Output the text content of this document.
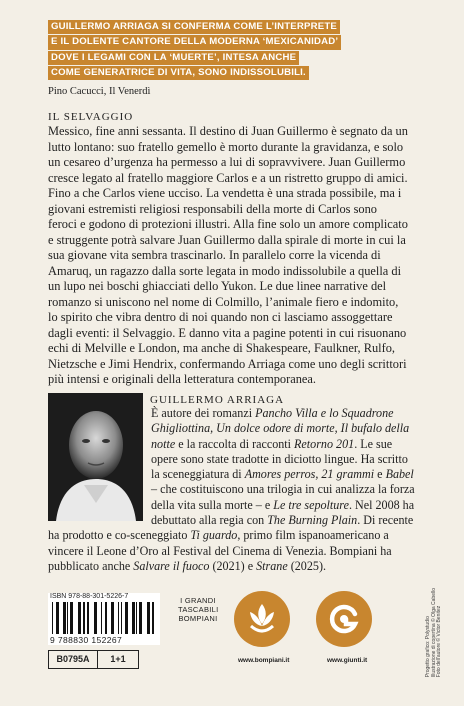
GUILLERMO ARRIAGA SI CONFERMA COME L’INTERPRETE
E IL DOLENTE CANTORE DELLA MODERNA ‘MEXICANIDAD’
DOVE I LEGAMI CON LA ‘MUERTE’, INTESA ANCHE
COME GENERATRICE DI VITA, SONO INDISSOLUBILI.
Pino Cacucci, Il Venerdì
IL SELVAGGIO

Messico, fine anni sessanta. Il destino di Juan Guillermo è segnato da un lutto lontano: suo fratello gemello è morto durante la gravidanza, e solo un cesareo d’urgenza ha permesso a lui di sopravvivere. Juan Guillermo cresce legato al fratello maggiore Carlos e a un ristretto gruppo di amici. Fino a che Carlos viene ucciso. La vendetta è una strada possibile, ma i giovani estremisti religiosi responsabili della morte di Carlos sono feroci e godono di protezioni illustri. Alla fine solo un amore complicato e struggente potrà salvare Juan Guillermo dalla spirale di morte in cui la sua giovane vita sembra trascinarlo. In parallelo corre la vicenda di Amaruq, un ragazzo dalla sorte legata in modo indissolubile a quella di un lupo nei boschi ghiacciati dello Yukon. Le due linee narrative del romanzo si uniscono nel nome di Colmillo, l’animale fiero e indomito, lo spirito che vibra dentro di noi quando non ci lasciamo assoggettare dagli eventi: il Selvaggio. E danno vita a pagine potenti in cui risuonano echi di Melville e London, ma anche di Shakespeare, Faulkner, Rulfo, Nietzsche e Jimi Hendrix, confermando Arriaga come uno degli scrittori più intensi e originali della letteratura contemporanea.

GUILLERMO ARRIAGA

È autore dei romanzi Pancho Villa e lo Squadrone Ghigliottina, Un dolce odore di morte, Il bufalo della notte e la raccolta di racconti Retorno 201. Le sue opere sono state tradotte in diciotto lingue. Ha scritto la sceneggiatura di Amores perros, 21 grammi e Babel – che costituiscono una trilogia in cui analizza la forza della vita sulla morte – e Le tre sepolture. Nel 2008 ha debuttato alla regia con The Burning Plain. Di recente ha prodotto e co-sceneggiato Ti guardo, primo film ispanoamericano a vincere il Leone d’Oro al Festival del Cinema di Venezia. Bompiani ha pubblicato anche Salvare il fuoco (2021) e Strane (2025).

ISBN 978-88-301-5226-7
9 788830 152267
B0795A	1+1
I GRANDI
TASCABILI
BOMPIANI
www.bompiani.it	www.giunti.it	Progetto grafico: Polystudio Illustrazione di copertina © Olga Cabello Foto dell'autore © Victor Benitez
